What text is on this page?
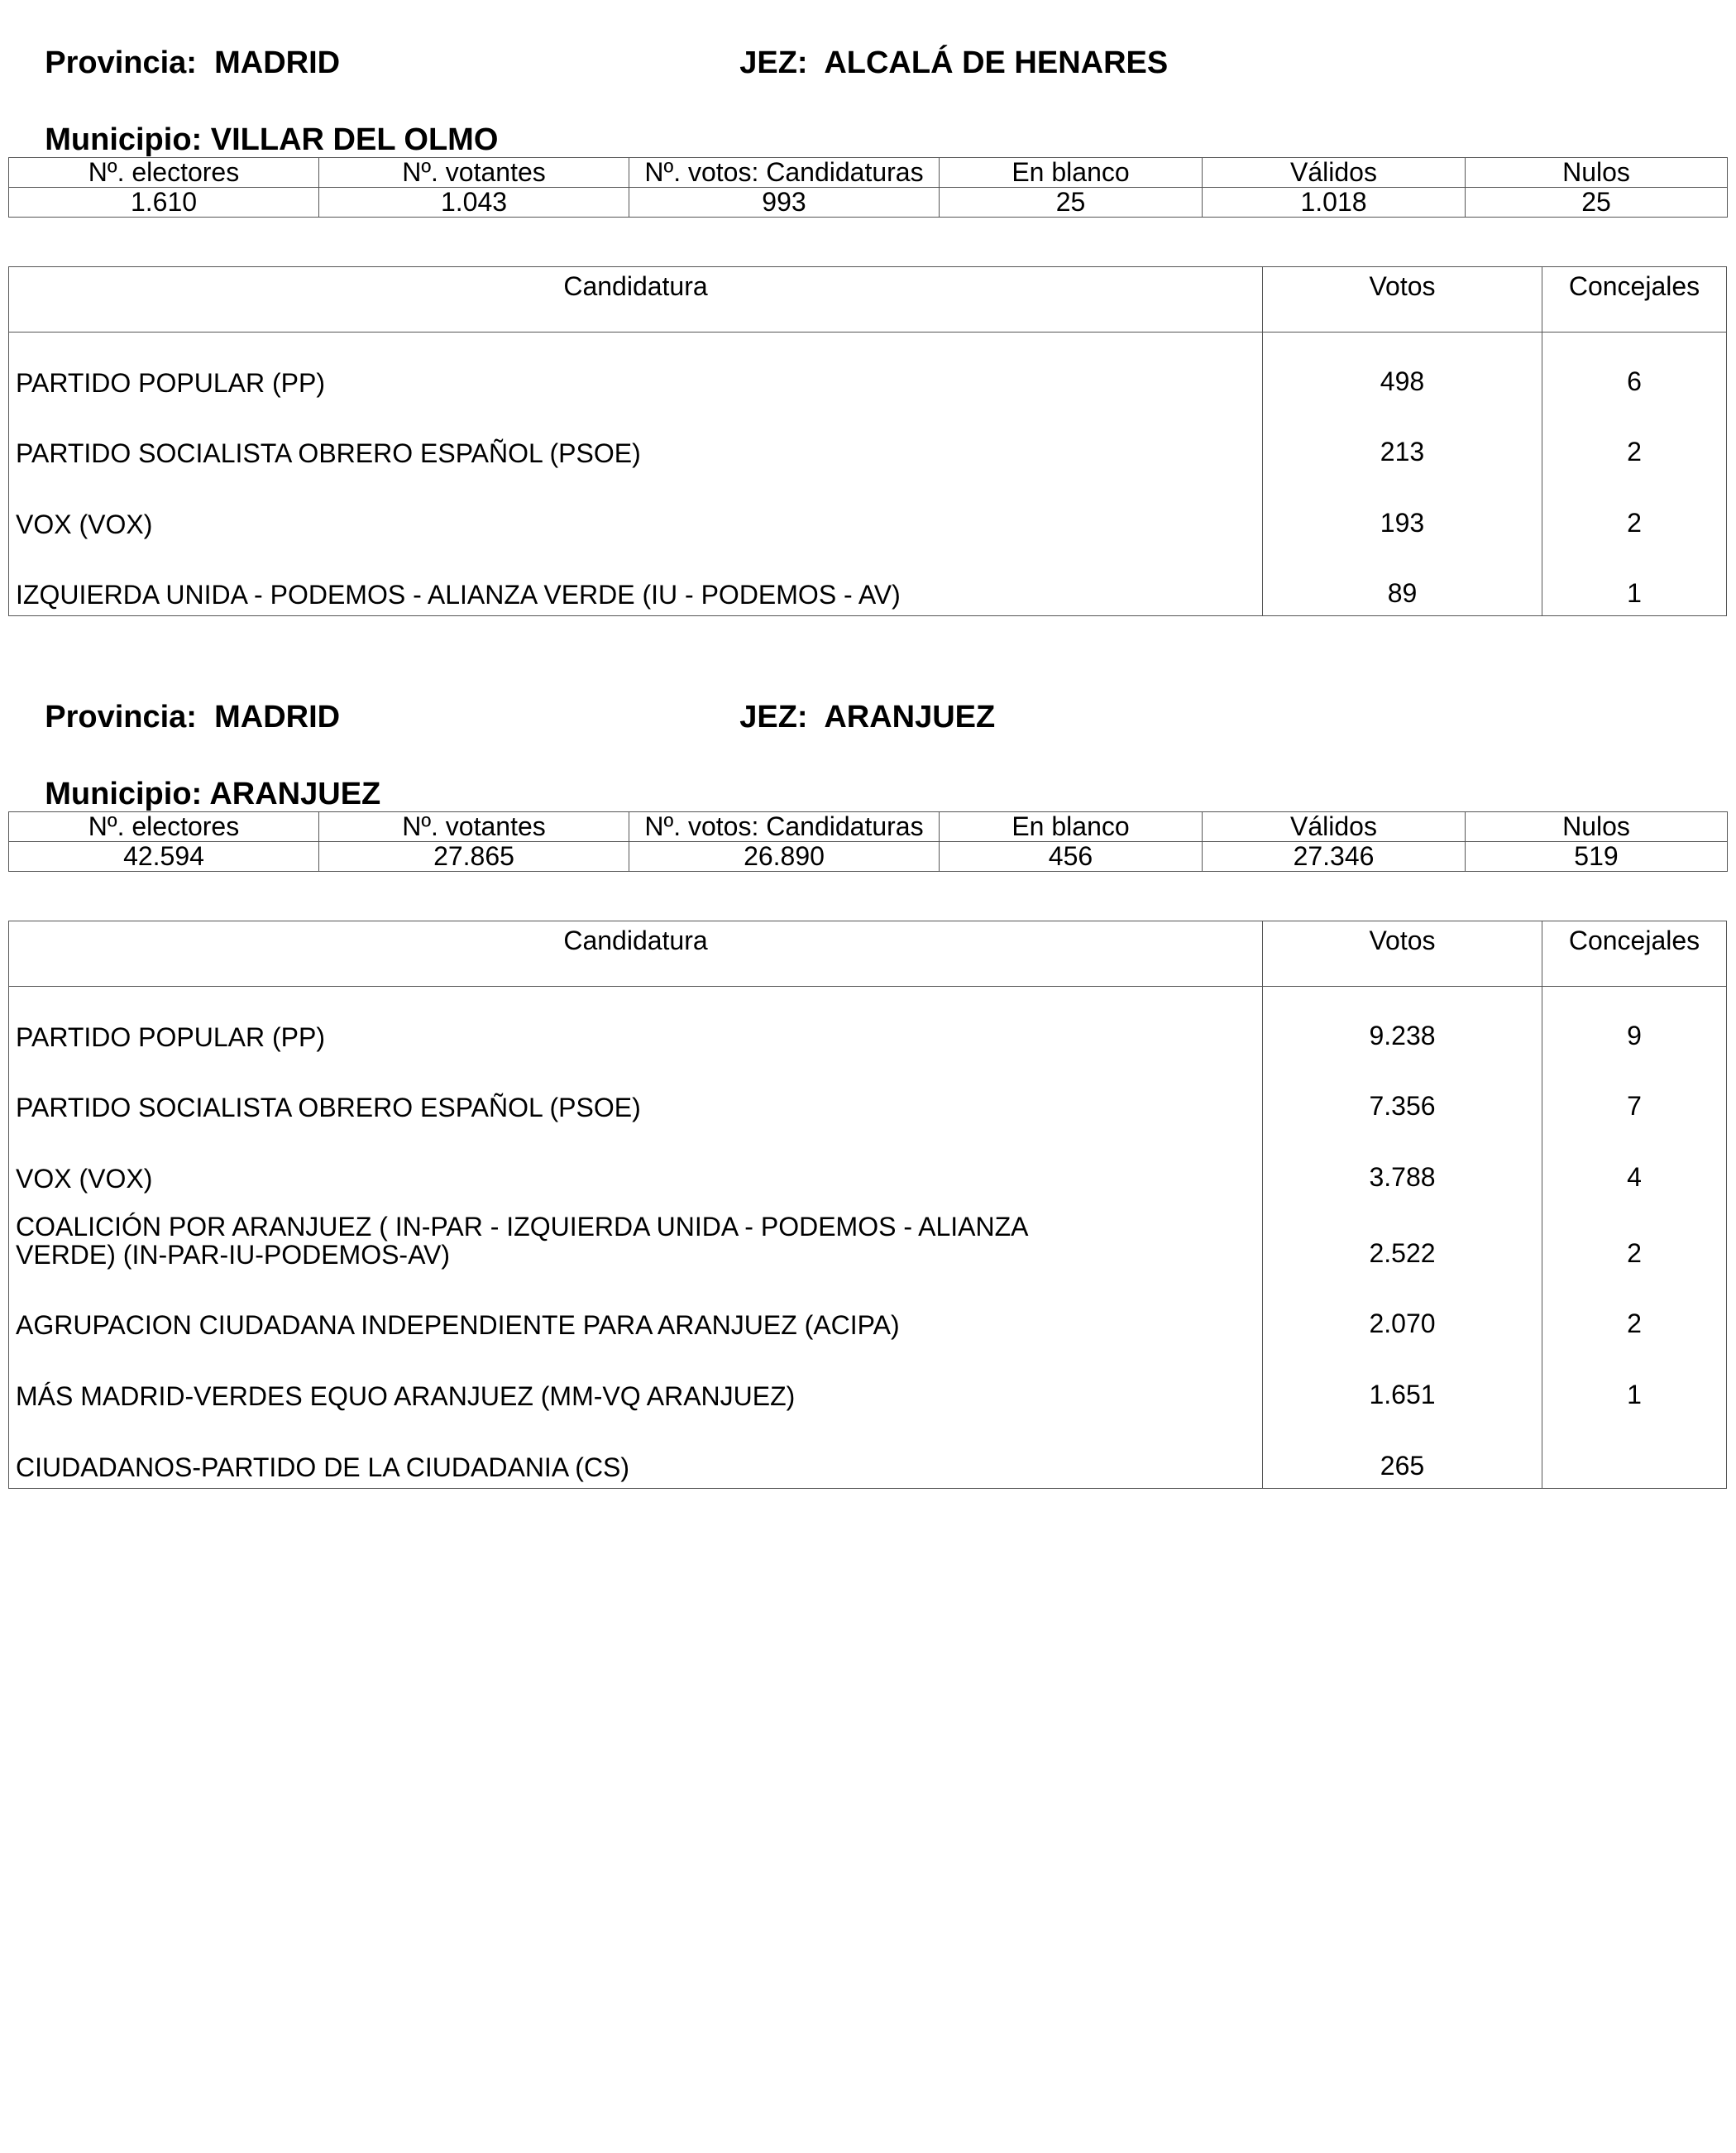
Provincia: MADRID
	JEZ: ALCALÁ DE HENARES

Municipio: VILLAR DEL OLMO

Nº. electores	Nº. votantes	Nº. votos: Candidaturas	En blanco	Válidos	Nulos
1.610	1.043	993	25	1.018	25
Candidatura	Votos	Concejales
PARTIDO POPULAR (PP)	498	6
PARTIDO SOCIALISTA OBRERO ESPAÑOL (PSOE)	213	2
VOX (VOX)	193	2
IZQUIERDA UNIDA - PODEMOS - ALIANZA VERDE (IU - PODEMOS - AV)	89	1

Provincia: MADRID
	JEZ: ARANJUEZ

Municipio: ARANJUEZ

Nº. electores	Nº. votantes	Nº. votos: Candidaturas	En blanco	Válidos	Nulos
42.594	27.865	26.890	456	27.346	519
Candidatura	Votos	Concejales
PARTIDO POPULAR (PP)	9.238	9
PARTIDO SOCIALISTA OBRERO ESPAÑOL (PSOE)	7.356	7
VOX (VOX)	3.788	4
COALICIÓN POR ARANJUEZ ( IN-PAR - IZQUIERDA UNIDA - PODEMOS - ALIANZA VERDE) (IN-PAR-IU-PODEMOS-AV)	2.522	2
AGRUPACION CIUDADANA INDEPENDIENTE PARA ARANJUEZ (ACIPA)	2.070	2
MÁS MADRID-VERDES EQUO ARANJUEZ (MM-VQ ARANJUEZ)	1.651	1
CIUDADANOS-PARTIDO DE LA CIUDADANIA (CS)	265
